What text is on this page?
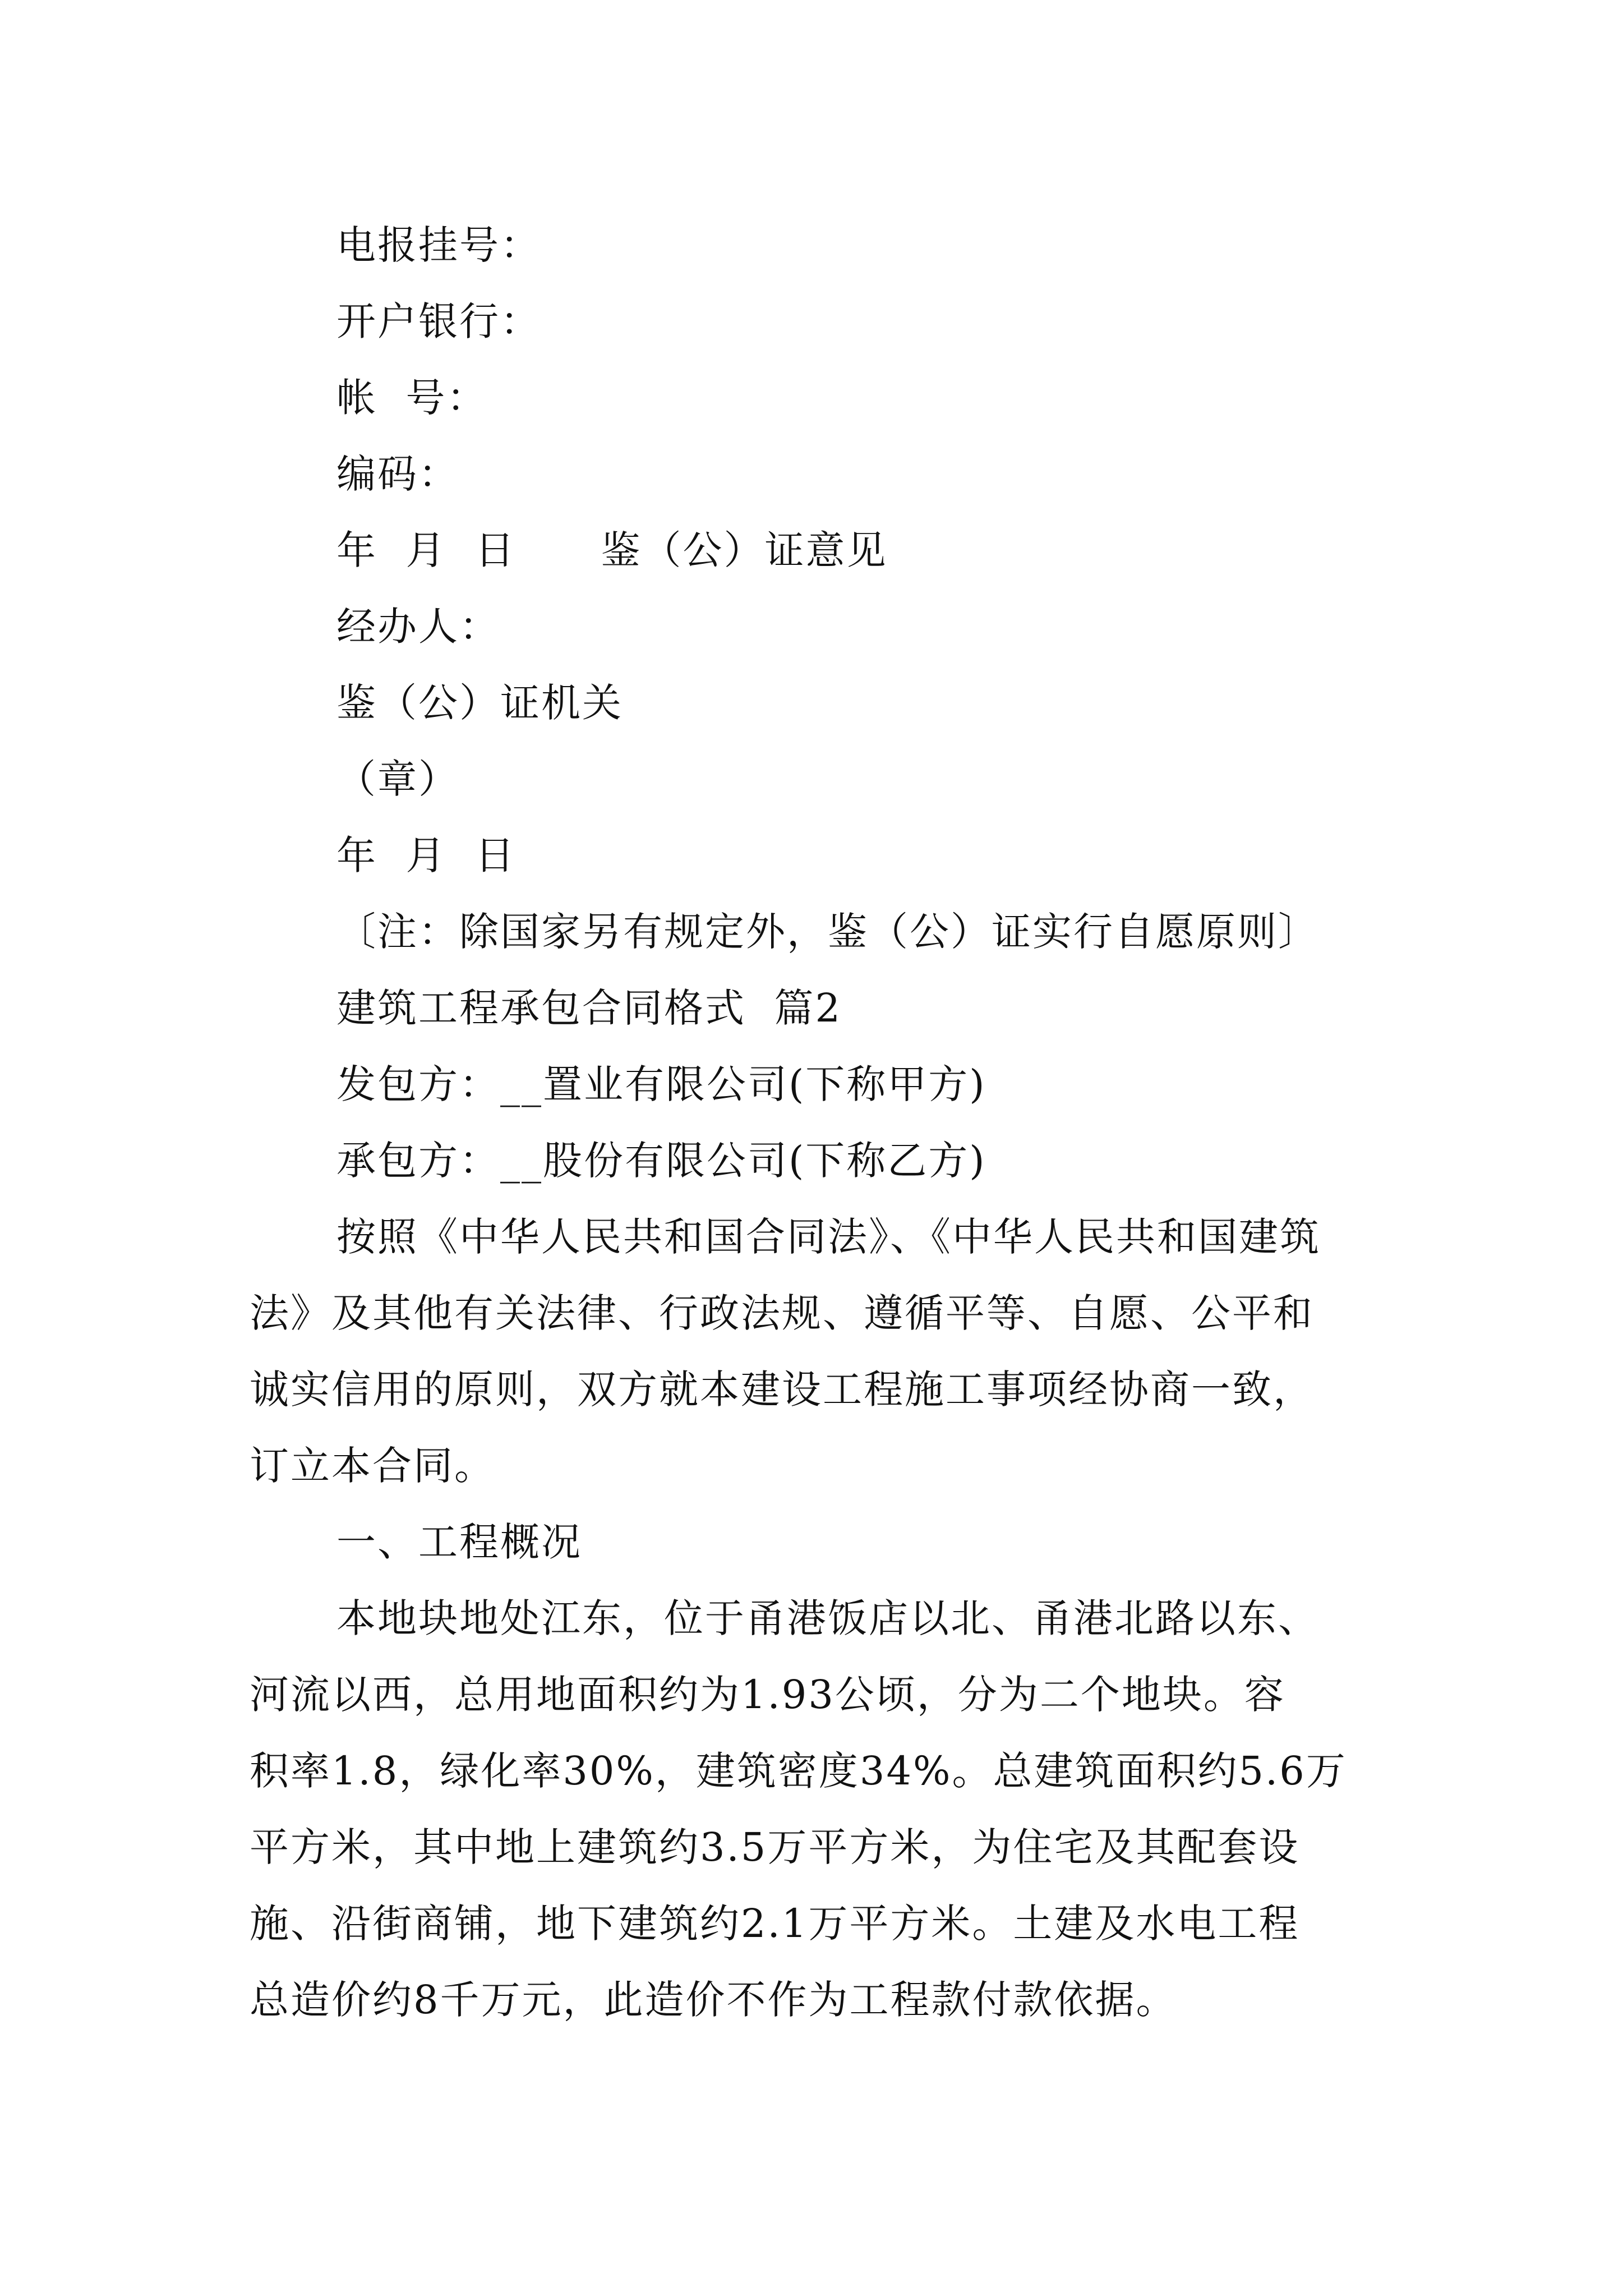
电报挂号：
开户银行：
帐  号：
编码：
年  月  日      鉴（公）证意见
经办人：
鉴（公）证机关
（章）
年  月  日
〔注：除国家另有规定外，鉴（公）证实行自愿原则〕
建筑工程承包合同格式  篇2
发包方：__置业有限公司(下称甲方)
承包方：__股份有限公司(下称乙方)
按照《中华人民共和国合同法》、《中华人民共和国建筑
法》及其他有关法律、行政法规、遵循平等、自愿、公平和
诚实信用的原则，双方就本建设工程施工事项经协商一致，
订立本合同。
一、工程概况
本地块地处江东，位于甬港饭店以北、甬港北路以东、
河流以西，总用地面积约为1.93公顷，分为二个地块。容
积率1.8，绿化率30%，建筑密度34%。总建筑面积约5.6万
平方米，其中地上建筑约3.5万平方米，为住宅及其配套设
施、沿街商铺，地下建筑约2.1万平方米。土建及水电工程
总造价约8千万元，此造价不作为工程款付款依据。
